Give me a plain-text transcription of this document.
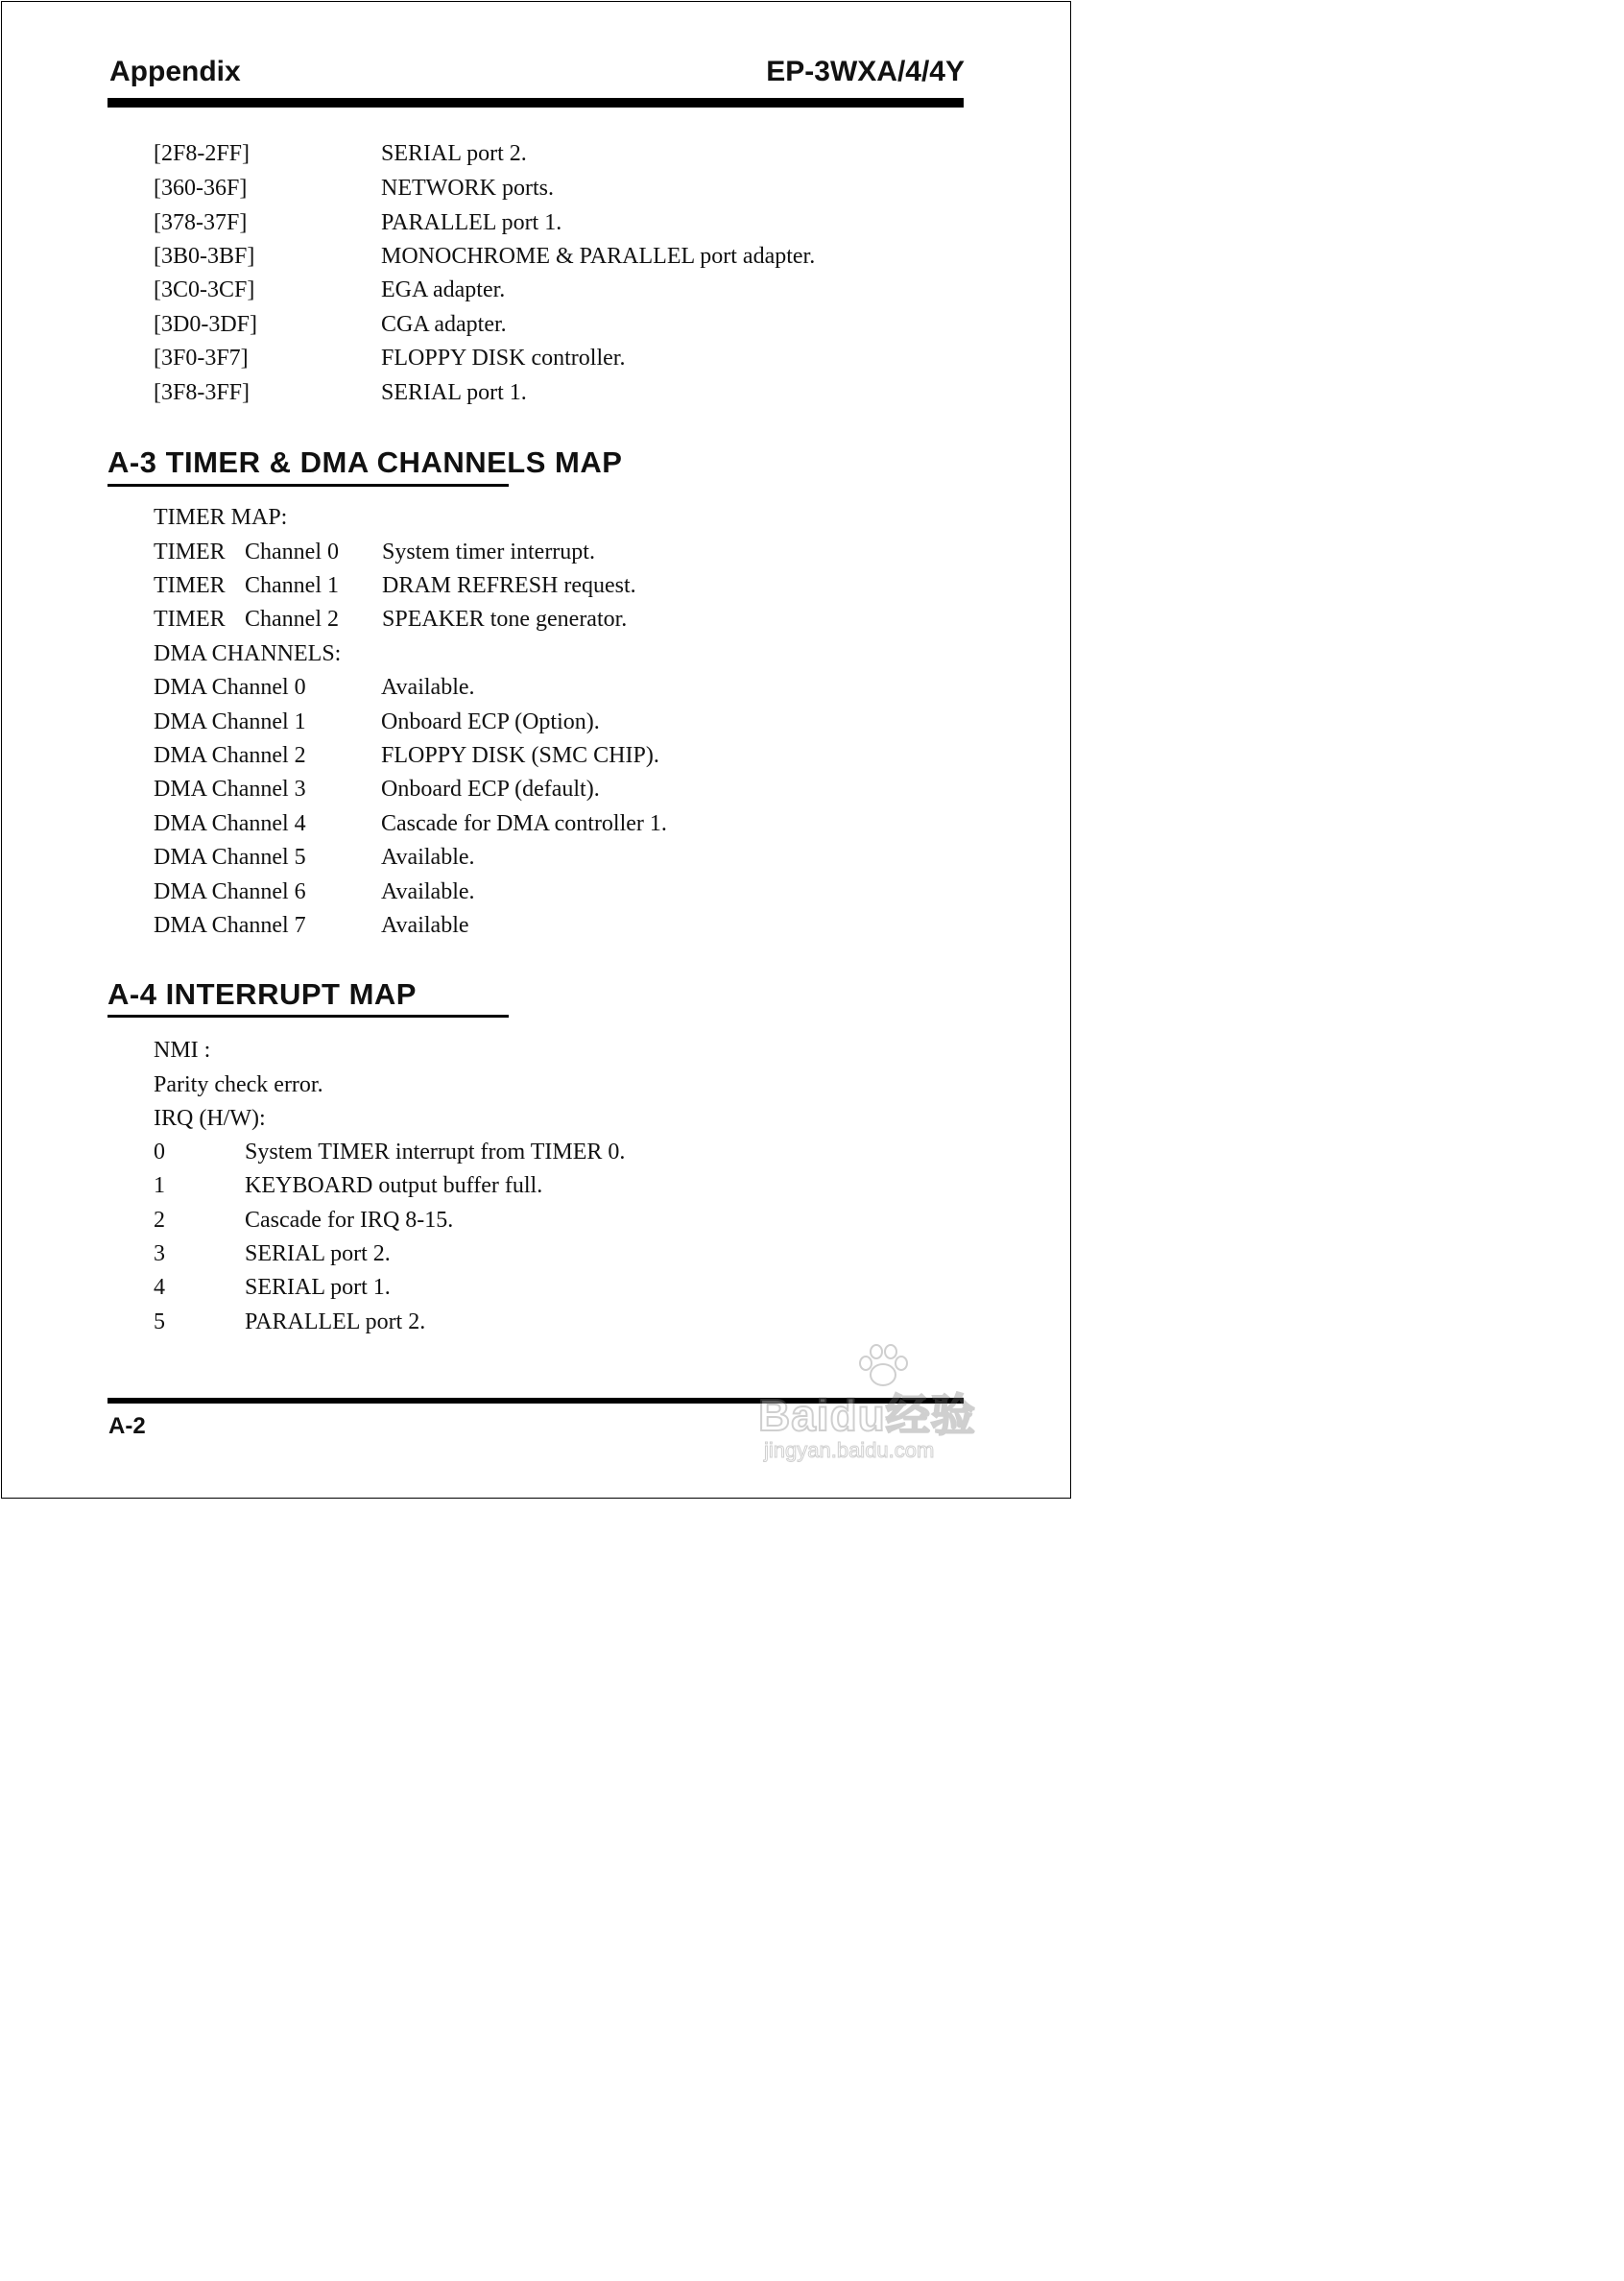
Appendix	EP-3WXA/4/4Y
[2F8-2FF]	SERIAL port 2.
[360-36F]	NETWORK ports.
[378-37F]	PARALLEL port 1.
[3B0-3BF]	MONOCHROME & PARALLEL port adapter.
[3C0-3CF]	EGA adapter.
[3D0-3DF]	CGA adapter.
[3F0-3F7]	FLOPPY DISK controller.
[3F8-3FF]	SERIAL port 1.
A-3 TIMER & DMA CHANNELS MAP
TIMER MAP:
TIMER Channel 0 System timer interrupt.
TIMER Channel 1 DRAM REFRESH request.
TIMER Channel 2 SPEAKER tone generator.
DMA CHANNELS:
DMA Channel 0	Available.
DMA Channel 1	Onboard ECP (Option).
DMA Channel 2	FLOPPY DISK (SMC CHIP).
DMA Channel 3	Onboard ECP (default).
DMA Channel 4	Cascade for DMA controller 1.
DMA Channel 5	Available.
DMA Channel 6	Available.
DMA Channel 7	Available
A-4 INTERRUPT MAP
NMI :
Parity check error.
IRQ (H/W):
0	System TIMER interrupt from TIMER 0.
1	KEYBOARD output buffer full.
2	Cascade for IRQ 8-15.
3	SERIAL port 2.
4	SERIAL port 1.
5	PARALLEL port 2.
A-2	Baidu经验
jingyan.baidu.com
